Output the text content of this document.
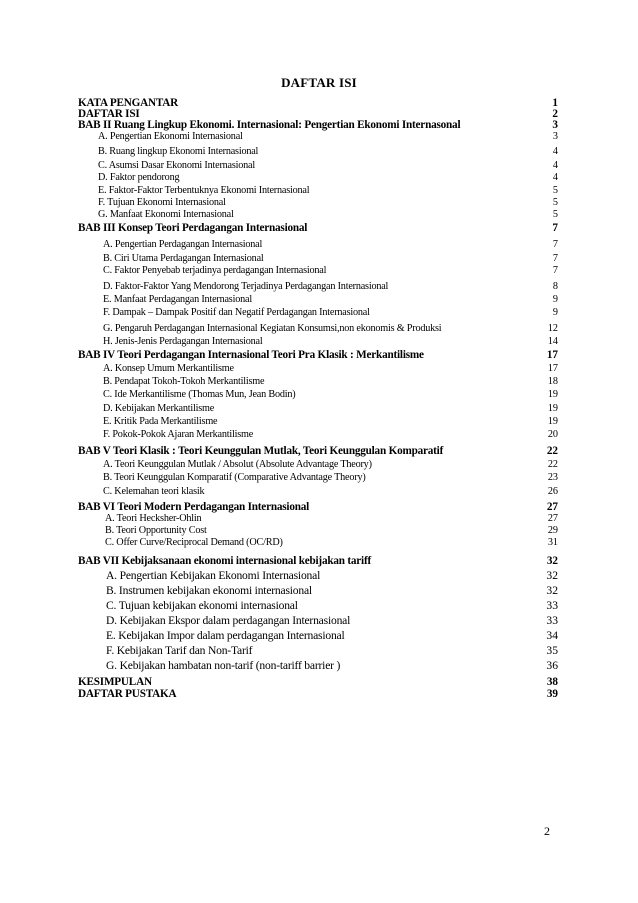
DAFTAR ISI
KATA PENGANTAR	1
DAFTAR ISI	2
BAB II Ruang Lingkup Ekonomi. Internasional: Pengertian Ekonomi Internasonal	3
A. Pengertian Ekonomi Internasional	3
B. Ruang lingkup Ekonomi Internasional	4
C. Asumsi Dasar Ekonomi Internasional	4
D. Faktor pendorong	4
E. Faktor-Faktor Terbentuknya Ekonomi Internasional	5
F. Tujuan Ekonomi Internasional	5
G. Manfaat Ekonomi Internasional	5
BAB III Konsep Teori Perdagangan Internasional	7
A. Pengertian Perdagangan Internasional	7
B. Ciri Utama Perdagangan Internasional	7
C. Faktor Penyebab terjadinya perdagangan Internasional	7
D. Faktor-Faktor Yang Mendorong Terjadinya Perdagangan Internasional	8
E. Manfaat Perdagangan Internasional	9
F. Dampak – Dampak Positif dan Negatif Perdagangan Internasional	9
G. Pengaruh Perdagangan Internasional Kegiatan Konsumsi,non ekonomis & Produksi	12
H. Jenis-Jenis Perdagangan Internasional	14
BAB IV Teori Perdagangan Internasional Teori Pra Klasik : Merkantilisme	17
A. Konsep Umum Merkantilisme	17
B. Pendapat Tokoh-Tokoh Merkantilisme	18
C. Ide Merkantilisme (Thomas Mun, Jean Bodin)	19
D. Kebijakan Merkantilisme	19
E. Kritik Pada Merkantilisme	19
F. Pokok-Pokok Ajaran Merkantilisme	20
BAB V Teori Klasik : Teori Keunggulan Mutlak, Teori Keunggulan Komparatif	22
A. Teori Keunggulan Mutlak / Absolut (Absolute Advantage Theory)	22
B. Teori Keunggulan Komparatif (Comparative Advantage Theory)	23
C. Kelemahan teori klasik	26
BAB VI Teori Modern Perdagangan Internasional	27
A. Teori Hecksher-Ohlin	27
B. Teori Opportunity Cost	29
C. Offer Curve/Reciprocal Demand (OC/RD)	31
BAB VII Kebijaksanaan ekonomi internasional kebijakan tariff	32
A. Pengertian Kebijakan Ekonomi Internasional	32
B. Instrumen kebijakan ekonomi internasional	32
C. Tujuan kebijakan ekonomi internasional	33
D. Kebijakan Ekspor dalam perdagangan Internasional	33
E. Kebijakan Impor dalam perdagangan Internasional	34
F. Kebijakan Tarif dan Non-Tarif	35
G. Kebijakan hambatan non-tarif (non-tariff barrier )	36
KESIMPULAN	38
DAFTAR PUSTAKA	39
2
